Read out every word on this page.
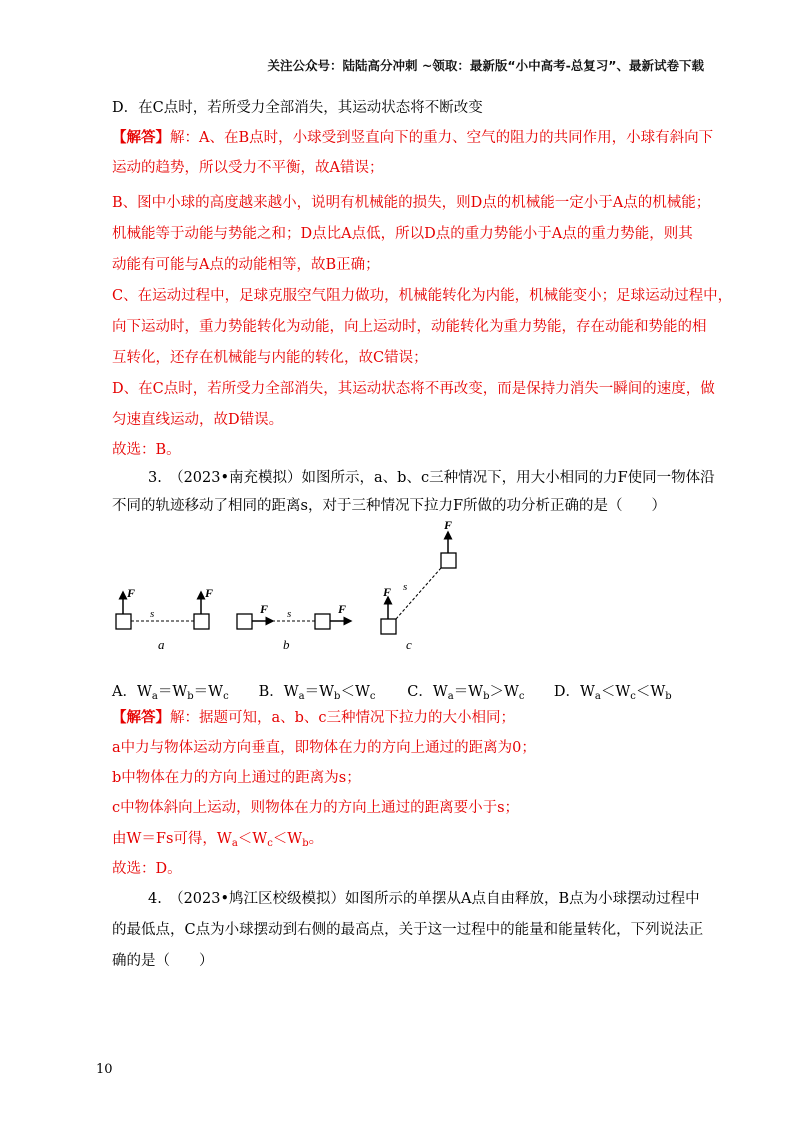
关注公众号：陆陆高分冲刺 ~领取：最新版“小中高考-总复习”、最新试卷下载
D．在C点时，若所受力全部消失，其运动状态将不断改变
【解答】解：A、在B点时，小球受到竖直向下的重力、空气的阻力的共同作用，小球有斜向下
运动的趋势，所以受力不平衡，故A错误；
B、图中小球的高度越来越小，说明有机械能的损失，则D点的机械能一定小于A点的机械能；
机械能等于动能与势能之和；D点比A点低，所以D点的重力势能小于A点的重力势能，则其
动能有可能与A点的动能相等，故B正确；
C、在运动过程中，足球克服空气阻力做功，机械能转化为内能，机械能变小；足球运动过程中，
向下运动时，重力势能转化为动能，向上运动时，动能转化为重力势能，存在动能和势能的相
互转化，还存在机械能与内能的转化，故C错误；
D、在C点时，若所受力全部消失，其运动状态将不再改变，而是保持力消失一瞬间的速度，做
匀速直线运动，故D错误。
故选：B。
3.　（2023•南充模拟）如图所示，a、b、c三种情况下，用大小相同的力F使同一物体沿
不同的轨迹移动了相同的距离s，对于三种情况下拉力F所做的功分析正确的是（　　）
F
s
F
a
F s	F
b
F s
F
c
A．$W_a=W_b=W_c$ B．$W_a=W_b<W_c$ C．$W_a=W_b>W_c$ D．$W_a<W_c<W_b$
【解答】解：据题可知，a、b、c三种情况下拉力的大小相同；
a中力与物体运动方向垂直，即物体在力的方向上通过的距离为0；
b中物体在力的方向上通过的距离为s；
c中物体斜向上运动，则物体在力的方向上通过的距离要小于s；
由W＝Fs可得，$W_a<W_c<W_b$。
故选：D。
4.　（2023•鸠江区校级模拟）如图所示的单摆从A点自由释放，B点为小球摆动过程中
的最低点，C点为小球摆动到右侧的最高点，关于这一过程中的能量和能量转化，下列说法正
确的是（　　）
10
